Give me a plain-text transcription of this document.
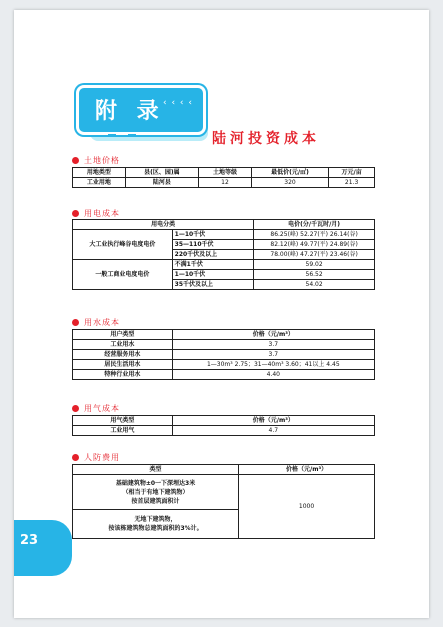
附 录
‹ ‹ ‹ ‹
陆河投资成本
土地价格
用地类型	县(区、园)属	土地等级	最低价(元/㎡)	万元/亩
工业用地	陆河县	12	320	21.3
用电成本
用电分类		电价(分/千瓦时/月)
大工业执行峰谷电度电价	1—10千伏	86.25(峰) 52.27(平) 26.14(谷)
	35—110千伏	82.12(峰) 49.77(平) 24.89(谷)
	220千伏及以上	78.00(峰) 47.27(平) 23.46(谷)
一般工商业电度电价	不满1千伏	59.02
	1—10千伏	56.52
	35千伏及以上	54.02
用水成本
用户类型	价格（元/m³）
工业用水	3.7
经营服务用水	3.7
居民生活用水	1—30m³ 2.75；31—40m³ 3.60；41以上 4.45
特种行业用水	4.40
用气成本
用气类型	价格（元/m³）
工业用气	4.7
人防费用
类型	价格（元/m³）

基础建筑物±0一下深埋达3米
（相当于有地下建筑物）
按首层建筑面积计	1000

无地下建筑物，
按该栋建筑物总建筑面积的3%计。	
23
